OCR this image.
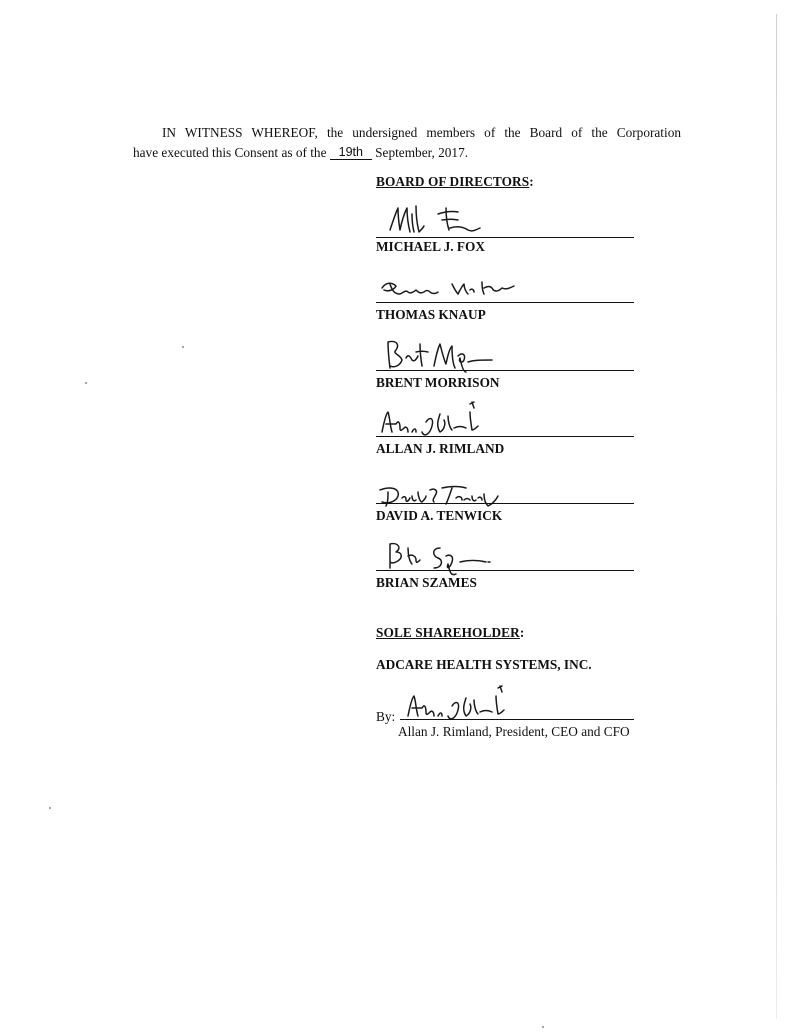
IN WITNESS WHEREOF, the undersigned members of the Board of the Corporation
have executed this Consent as of the 19th September, 2017.
BOARD OF DIRECTORS:
MICHAEL J. FOX
THOMAS KNAUP
BRENT MORRISON
ALLAN J. RIMLAND
DAVID A. TENWICK
BRIAN SZAMES
SOLE SHAREHOLDER:
ADCARE HEALTH SYSTEMS, INC.
By:
Allan J. Rimland, President, CEO and CFO
